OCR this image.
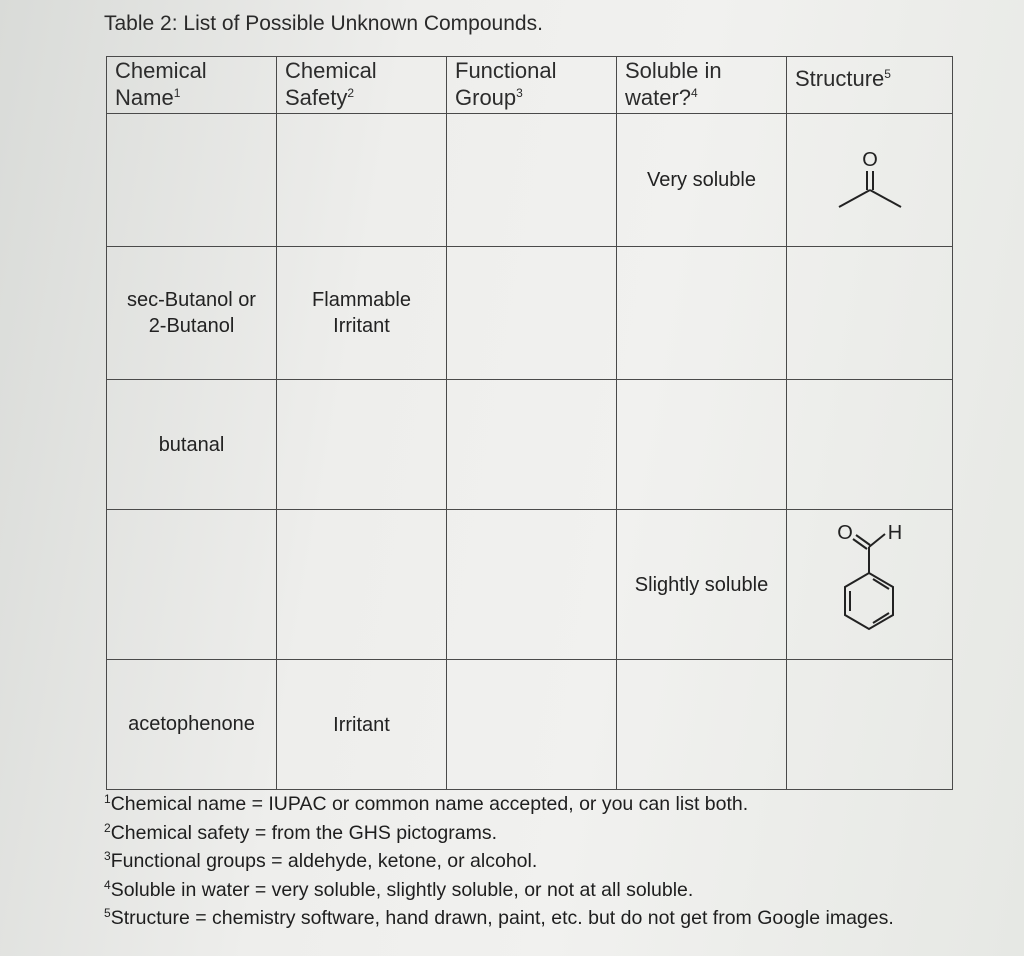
Table 2: List of Possible Unknown Compounds.
Chemical Name$^1$	Chemical Safety$^2$	Functional Group$^3$	Soluble in water?$^4$	Structure$^5$
			Very soluble	O

sec-Butanol or 2-Butanol	Flammable Irritant			

butanal				
			Slightly soluble	O H

acetophenone	Irritant			
$^1$Chemical name = IUPAC or common name accepted, or you can list both.
$^2$Chemical safety = from the GHS pictograms.
$^3$Functional groups = aldehyde, ketone, or alcohol.
$^4$Soluble in water = very soluble, slightly soluble, or not at all soluble.
$^5$Structure = chemistry software, hand drawn, paint, etc. but do not get from Google images.
